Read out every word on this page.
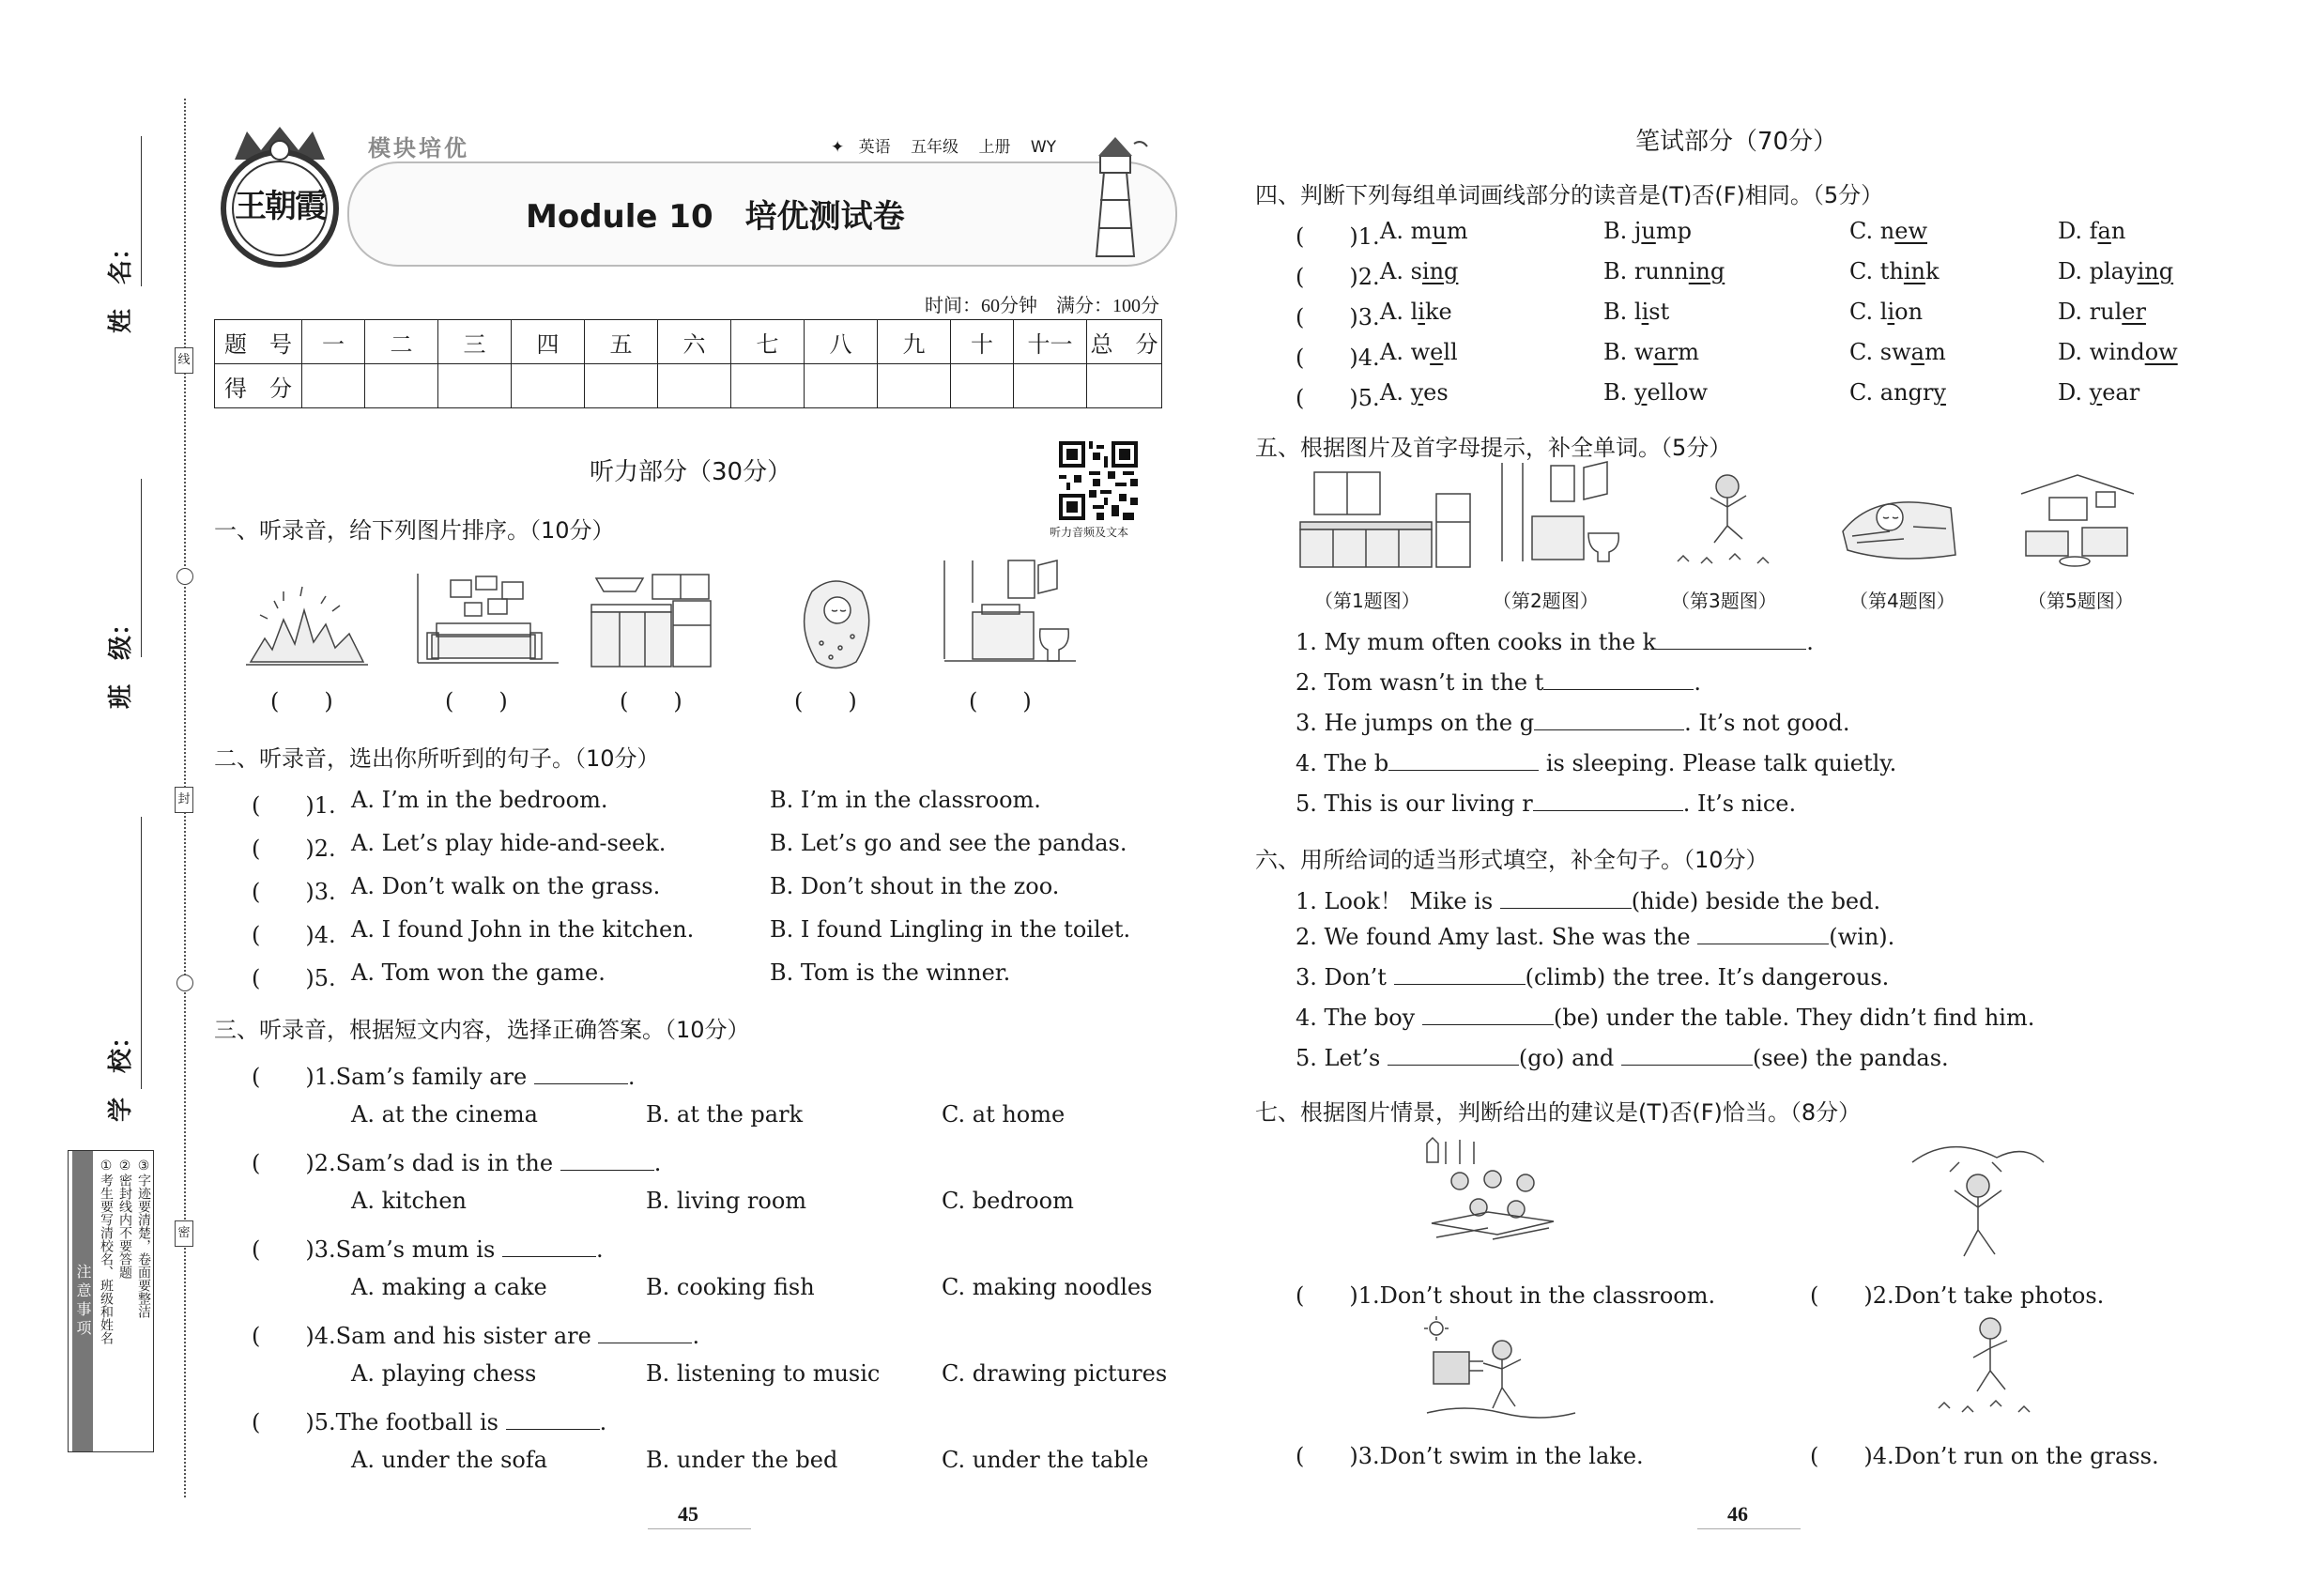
线
封
密
姓　名：
班　级：
学　校：
注意事项 ①考生要写清校名、班级和姓名 ②密封线内不要答题 ③字迹要清楚，卷面要整洁
王朝霞
模块培优	✦ 英语 五年级 上册 WY
Module 10　培优测试卷
时间：60分钟　满分：100分
题　号	一	二	三	四	五	六	七	八	九	十	十一	总　分
得　分												
听力部分（30分）
听力音频及文本
一、听录音，给下列图片排序。（10分）
(　　)	(　　)	(　　)	(　　)	(　　)
二、听录音，选出你所听到的句子。（10分）
(　　)1. A. I’m in the bedroom.	B. I’m in the classroom.
(　　)2. A. Let’s play hide-and-seek.	B. Let’s go and see the pandas.
(　　)3. A. Don’t walk on the grass.	B. Don’t shout in the zoo.
(　　)4. A. I found John in the kitchen.	B. I found Lingling in the toilet.
(　　)5. A. Tom won the game.	B. Tom is the winner.
三、听录音，根据短文内容，选择正确答案。（10分）
(　　)1.Sam’s family are	.
A. at the cinema	B. at the park	C. at home
(　　)2.Sam’s dad is in the	.
A. kitchen	B. living room	C. bedroom
(　　)3.Sam’s mum is	.
A. making a cake	B. cooking fish	C. making noodles
(　　)4.Sam and his sister are	.
A. playing chess	B. listening to music	C. drawing pictures
(　　)5.The football is	.
A. under the sofa	B. under the bed	C. under the table
45
笔试部分（70分）
四、判断下列每组单词画线部分的读音是(T)否(F)相同。（5分）
(　　)1. A. mum	B. jump	C. new	D. fan
(　　)2. A. sing	B. running	C. think	D. playing
(　　)3. A. like	B. list	C. lion	D. ruler
(　　)4. A. well	B. warm	C. swam	D. window
(　　)5. A. yes	B. yellow	C. angry	D. year
五、根据图片及首字母提示，补全单词。（5分）
（第1题图）	（第2题图）	（第3题图）	（第4题图）	（第5题图）
1. My mum often cooks in the k	.
2. Tom wasn’t in the t	.
3. He jumps on the g	. It’s not good.
4. The b	is sleeping. Please talk quietly.
5. This is our living r	. It’s nice.
六、用所给词的适当形式填空，补全句子。（10分）
1. Look！ Mike is	(hide) beside the bed.
2. We found Amy last. She was the	(win).
3. Don’t	(climb) the tree. It’s dangerous.
4. The boy	(be) under the table. They didn’t find him.
5. Let’s	(go) and	(see) the pandas.
七、根据图片情景，判断给出的建议是(T)否(F)恰当。（8分）
(　　)1.Don’t shout in the classroom.	(　　)2.Don’t take photos.
(　　)3.Don’t swim in the lake.	(　　)4.Don’t run on the grass.
46
